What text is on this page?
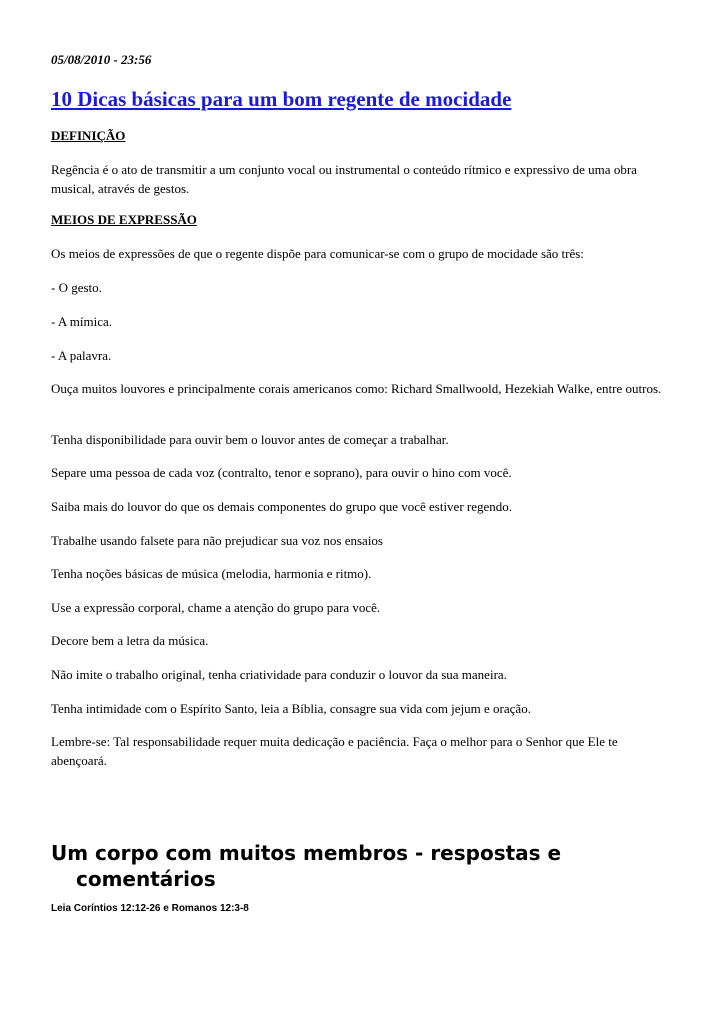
05/08/2010 - 23:56
10 Dicas básicas para um bom regente de mocidade
DEFINIÇÃO
Regência é o ato de transmitir a um conjunto vocal ou instrumental o conteúdo rítmico e expressivo de uma obra musical, através de gestos.
MEIOS DE EXPRESSÃO
Os meios de expressões de que o regente dispõe para comunicar-se com o grupo de mocidade são três:
- O gesto.
- A mímica.
- A palavra.
Ouça muitos louvores e principalmente corais americanos como: Richard Smallwoold, Hezekiah Walke, entre outros.
Tenha disponibilidade para ouvir bem o louvor antes de começar a trabalhar.
Separe uma pessoa de cada voz (contralto, tenor e soprano), para ouvir o hino com você.
Saiba mais do louvor do que os demais componentes do grupo que você estiver regendo.
Trabalhe usando falsete para não prejudicar sua voz nos ensaios
Tenha noções básicas de música (melodia, harmonia e ritmo).
Use a expressão corporal, chame a atenção do grupo para você.
Decore bem a letra da música.
Não imite o trabalho original, tenha criatividade para conduzir o louvor da sua maneira.
Tenha intimidade com o Espírito Santo, leia a Bíblia, consagre sua vida com jejum e oração.
Lembre-se: Tal responsabilidade requer muita dedicação e paciência. Faça o melhor para o Senhor que Ele te abençoará.
Um corpo com muitos membros - respostas e comentários
Leia Coríntios 12:12-26 e Romanos 12:3-8
